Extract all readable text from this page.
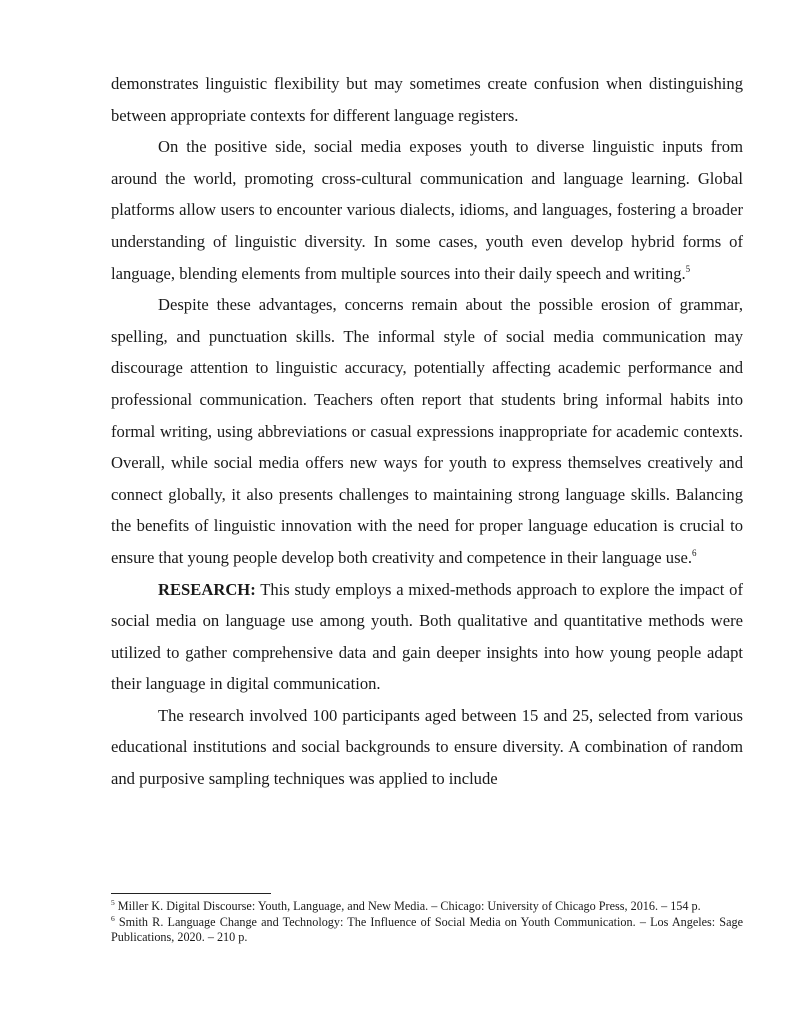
demonstrates linguistic flexibility but may sometimes create confusion when distinguishing between appropriate contexts for different language registers.

On the positive side, social media exposes youth to diverse linguistic inputs from around the world, promoting cross-cultural communication and language learning. Global platforms allow users to encounter various dialects, idioms, and languages, fostering a broader understanding of linguistic diversity. In some cases, youth even develop hybrid forms of language, blending elements from multiple sources into their daily speech and writing.$^5$

Despite these advantages, concerns remain about the possible erosion of grammar, spelling, and punctuation skills. The informal style of social media communication may discourage attention to linguistic accuracy, potentially affecting academic performance and professional communication. Teachers often report that students bring informal habits into formal writing, using abbreviations or casual expressions inappropriate for academic contexts. Overall, while social media offers new ways for youth to express themselves creatively and connect globally, it also presents challenges to maintaining strong language skills. Balancing the benefits of linguistic innovation with the need for proper language education is crucial to ensure that young people develop both creativity and competence in their language use.$^6$

RESEARCH: This study employs a mixed-methods approach to explore the impact of social media on language use among youth. Both qualitative and quantitative methods were utilized to gather comprehensive data and gain deeper insights into how young people adapt their language in digital communication.

The research involved 100 participants aged between 15 and 25, selected from various educational institutions and social backgrounds to ensure diversity. A combination of random and purposive sampling techniques was applied to include

$^5$ Miller K. Digital Discourse: Youth, Language, and New Media. – Chicago: University of Chicago Press, 2016. – 154 p.

$^6$ Smith R. Language Change and Technology: The Influence of Social Media on Youth Communication. – Los Angeles: Sage Publications, 2020. – 210 p.
